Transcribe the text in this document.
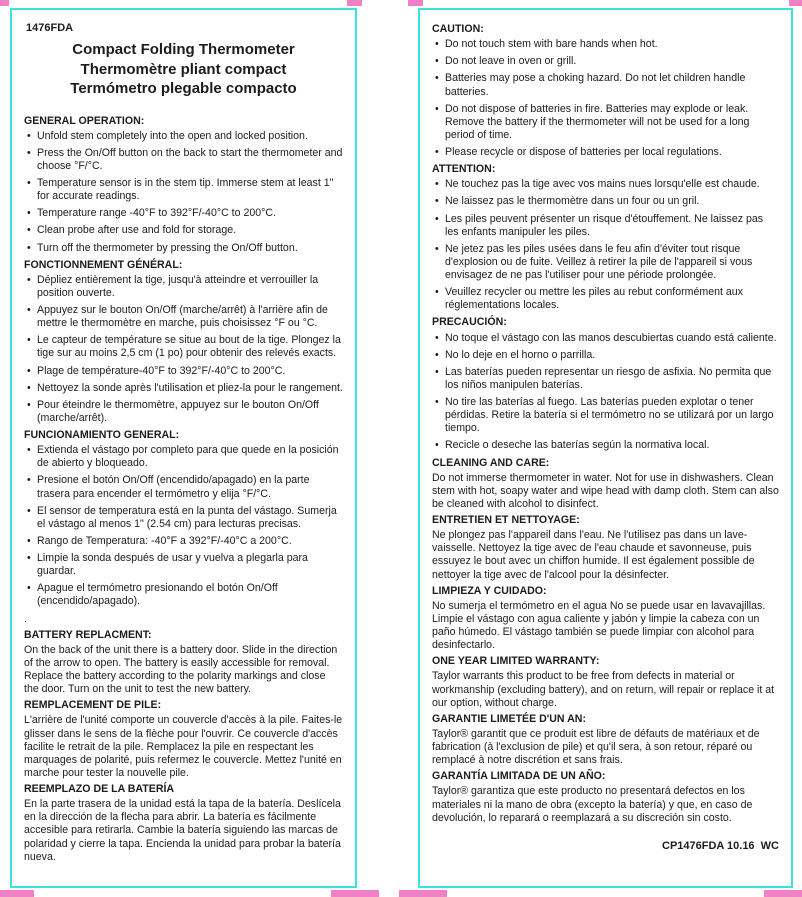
1476FDA
Compact Folding Thermometer
Thermomètre pliant compact
Termómetro plegable compacto
GENERAL OPERATION:
• Unfold stem completely into the open and locked position.
• Press the On/Off button on the back to start the thermometer and choose °F/°C.
• Temperature sensor is in the stem tip. Immerse stem at least 1" for accurate readings.
• Temperature range -40°F to 392°F/-40°C to 200°C.
• Clean probe after use and fold for storage.
• Turn off the thermometer by pressing the On/Off button.
FONCTIONNEMENT GÉNÉRAL:
• Dépliez entièrement la tige, jusqu'à atteindre et verrouiller la position ouverte.
• Appuyez sur le bouton On/Off (marche/arrêt) à l'arrière afin de mettre le thermomètre en marche, puis choisissez °F ou °C.
• Le capteur de température se situe au bout de la tige. Plongez la tige sur au moins 2,5 cm (1 po) pour obtenir des relevés exacts.
• Plage de température-40°F to 392°F/-40°C to 200°C.
• Nettoyez la sonde après l'utilisation et pliez-la pour le rangement.
• Pour éteindre le thermomètre, appuyez sur le bouton On/Off (marche/arrêt).
FUNCIONAMIENTO GENERAL:
• Extienda el vástago por completo para que quede en la posición de abierto y bloqueado.
• Presione el botón On/Off (encendido/apagado) en la parte trasera para encender el termómetro y elija °F/°C.
• El sensor de temperatura está en la punta del vástago. Sumerja el vástago al menos 1" (2.54 cm) para lecturas precisas.
• Rango de Temperatura: -40°F a 392°F/-40°C a 200°C.
• Limpie la sonda después de usar y vuelva a plegarla para guardar.
• Apague el termómetro presionando el botón On/Off (encendido/apagado).

.

BATTERY REPLACMENT:

On the back of the unit there is a battery door. Slide in the direction of the arrow to open. The battery is easily accessible for removal. Replace the battery according to the polarity markings and close the door. Turn on the unit to test the new battery.

REMPLACEMENT DE PILE:

L'arrière de l'unité comporte un couvercle d'accès à la pile. Faites-le glisser dans le sens de la flèche pour l'ouvrir. Ce couvercle d'accès facilite le retrait de la pile. Remplacez la pile en respectant les marquages de polarité, puis refermez le couvercle. Mettez l'unité en marche pour tester la nouvelle pile.

REEMPLAZO DE LA BATERÍA

En la parte trasera de la unidad está la tapa de la batería. Deslícela en la dirección de la flecha para abrir. La batería es fácilmente accesible para retirarla. Cambie la batería siguiendo las marcas de polaridad y cierre la tapa. Encienda la unidad para probar la batería nueva.

CAUTION:
• Do not touch stem with bare hands when hot.
• Do not leave in oven or grill.
• Batteries may pose a choking hazard. Do not let children handle batteries.
• Do not dispose of batteries in fire. Batteries may explode or leak. Remove the battery if the thermometer will not be used for a long period of time.
• Please recycle or dispose of batteries per local regulations.
ATTENTION:
• Ne touchez pas la tige avec vos mains nues lorsqu'elle est chaude.
• Ne laissez pas le thermomètre dans un four ou un gril.
• Les piles peuvent présenter un risque d'étouffement. Ne laissez pas les enfants manipuler les piles.
• Ne jetez pas les piles usées dans le feu afin d'éviter tout risque d'explosion ou de fuite. Veillez à retirer la pile de l'appareil si vous envisagez de ne pas l'utiliser pour une période prolongée.
• Veuillez recycler ou mettre les piles au rebut conformément aux réglementations locales.
PRECAUCIÓN:
• No toque el vástago con las manos descubiertas cuando está caliente.
• No lo deje en el horno o parrilla.
• Las baterías pueden representar un riesgo de asfixia. No permita que los niños manipulen baterías.
• No tire las baterías al fuego. Las baterías pueden explotar o tener pérdidas. Retire la batería si el termómetro no se utilizará por un largo tiempo.
• Recicle o deseche las baterías según la normativa local.
CLEANING AND CARE:

Do not immerse thermometer in water. Not for use in dishwashers. Clean stem with hot, soapy water and wipe head with damp cloth. Stem can also be cleaned with alcohol to disinfect.

ENTRETIEN ET NETTOYAGE:

Ne plongez pas l'appareil dans l'eau. Ne l'utilisez pas dans un lave-vaisselle. Nettoyez la tige avec de l'eau chaude et savonneuse, puis essuyez le bout avec un chiffon humide. Il est également possible de nettoyer la tige avec de l'alcool pour la désinfecter.

LIMPIEZA Y CUIDADO:

No sumerja el termómetro en el agua No se puede usar en lavavajillas. Limpie el vástago con agua caliente y jabón y limpie la cabeza con un paño húmedo. El vástago también se puede limpiar con alcohol para desinfectarlo.

ONE YEAR LIMITED WARRANTY:

Taylor warrants this product to be free from defects in material or workmanship (excluding battery), and on return, will repair or replace it at our option, without charge.

GARANTIE LIMETÉE D'UN AN:

Taylor® garantit que ce produit est libre de défauts de matériaux et de fabrication (à l'exclusion de pile) et qu'il sera, à son retour, réparé ou remplacé à notre discrétion et sans frais.

GARANTÍA LIMITADA DE UN AÑO:

Taylor® garantiza que este producto no presentará defectos en los materiales ni la mano de obra (excepto la batería) y que, en caso de devolución, lo reparará o reemplazará a su discreción sin costo.

CP1476FDA 10.16  WC
